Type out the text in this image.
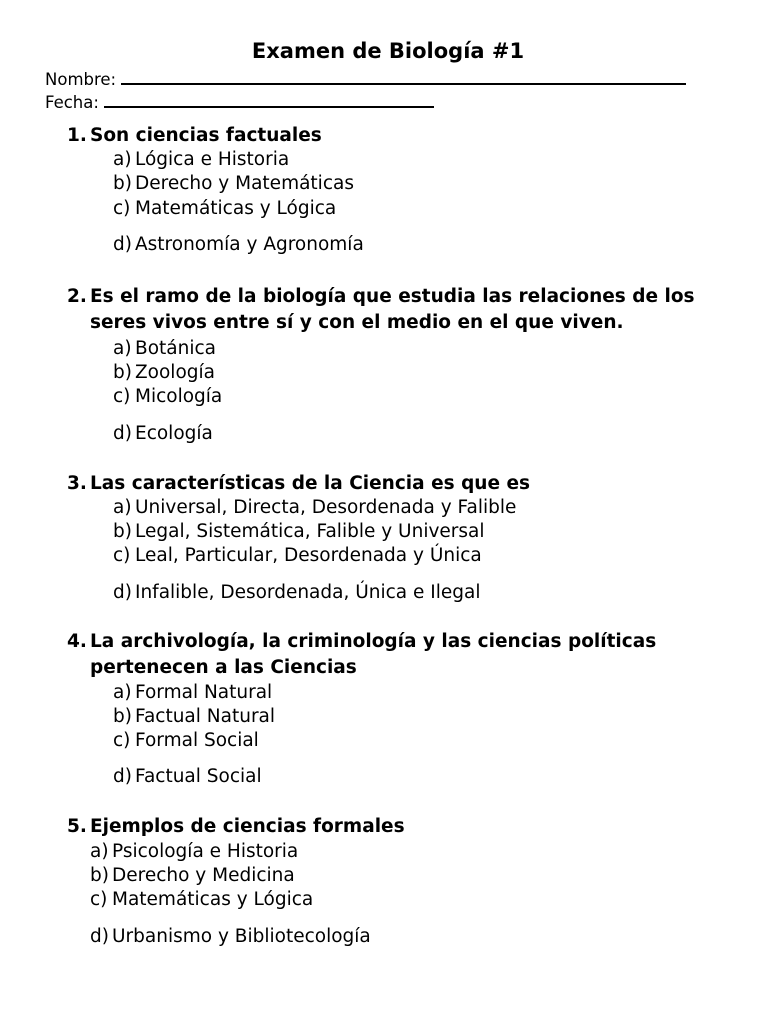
Examen de Biología #1
Nombre:
Fecha:
1. Son ciencias factuales
a) Lógica e Historia
b) Derecho y Matemáticas
c) Matemáticas y Lógica
d) Astronomía y Agronomía
2. Es el ramo de la biología que estudia las relaciones de los seres vivos entre sí y con el medio en el que viven.
a) Botánica
b) Zoología
c) Micología
d) Ecología
3. Las características de la Ciencia es que es
a) Universal, Directa, Desordenada y Falible
b) Legal, Sistemática, Falible y Universal
c) Leal, Particular, Desordenada y Única
d) Infalible, Desordenada, Única e Ilegal
4. La archivología, la criminología y las ciencias políticas pertenecen a las Ciencias
a) Formal Natural
b) Factual Natural
c) Formal Social
d) Factual Social
5. Ejemplos de ciencias formales
a) Psicología e Historia
b) Derecho y Medicina
c) Matemáticas y Lógica
d) Urbanismo y Bibliotecología
